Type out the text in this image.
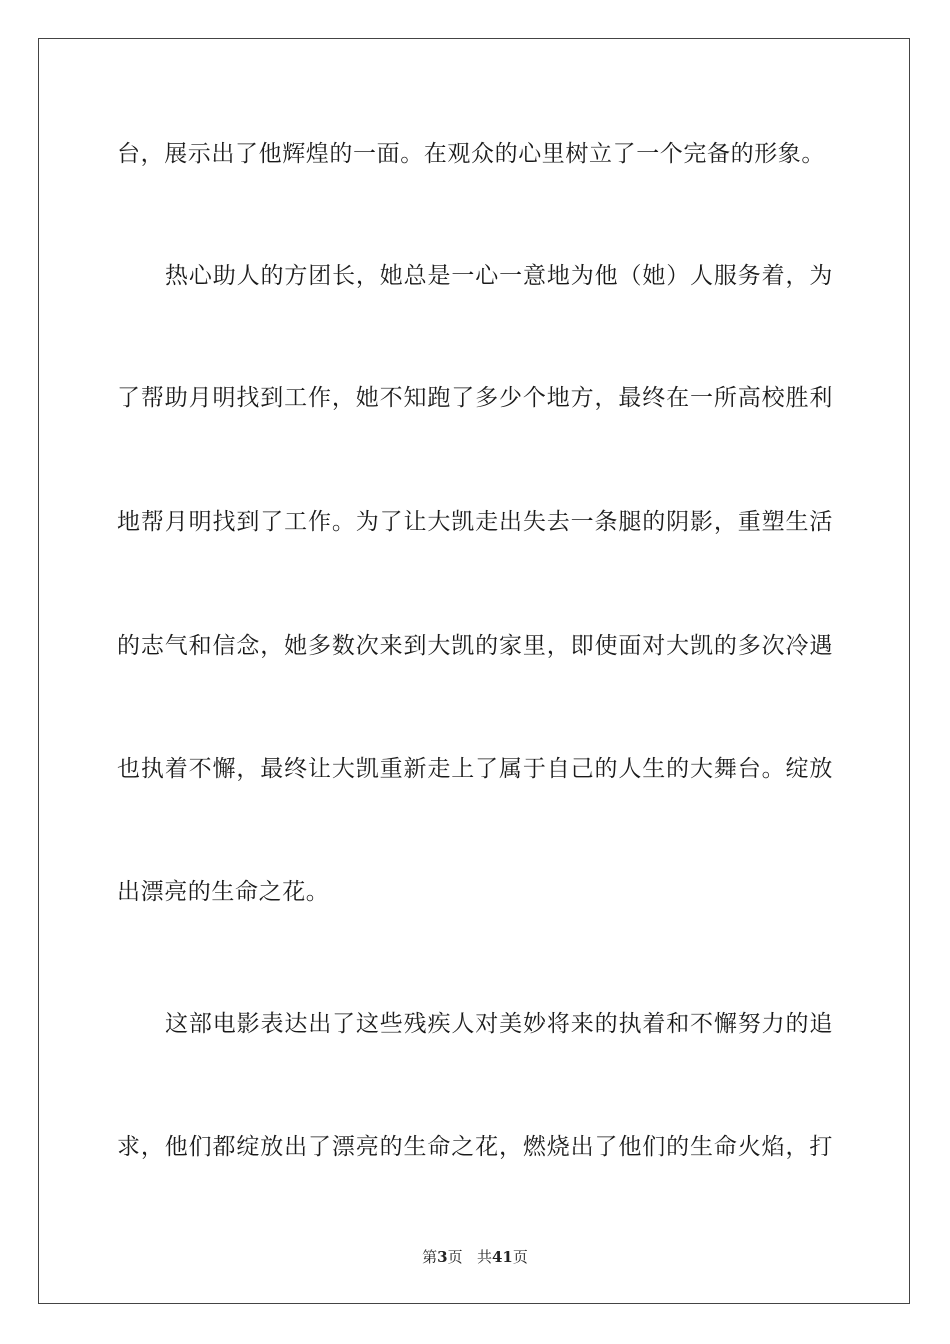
台，展示出了他辉煌的一面。在观众的心里树立了一个完备的形象。
热心助人的方团长，她总是一心一意地为他（她）人服务着，为
了帮助月明找到工作，她不知跑了多少个地方，最终在一所高校胜利
地帮月明找到了工作。为了让大凯走出失去一条腿的阴影，重塑生活
的志气和信念，她多数次来到大凯的家里，即使面对大凯的多次冷遇
也执着不懈，最终让大凯重新走上了属于自己的人生的大舞台。绽放
出漂亮的生命之花。
这部电影表达出了这些残疾人对美妙将来的执着和不懈努力的追
求，他们都绽放出了漂亮的生命之花，燃烧出了他们的生命火焰，打
第3页 共41页
